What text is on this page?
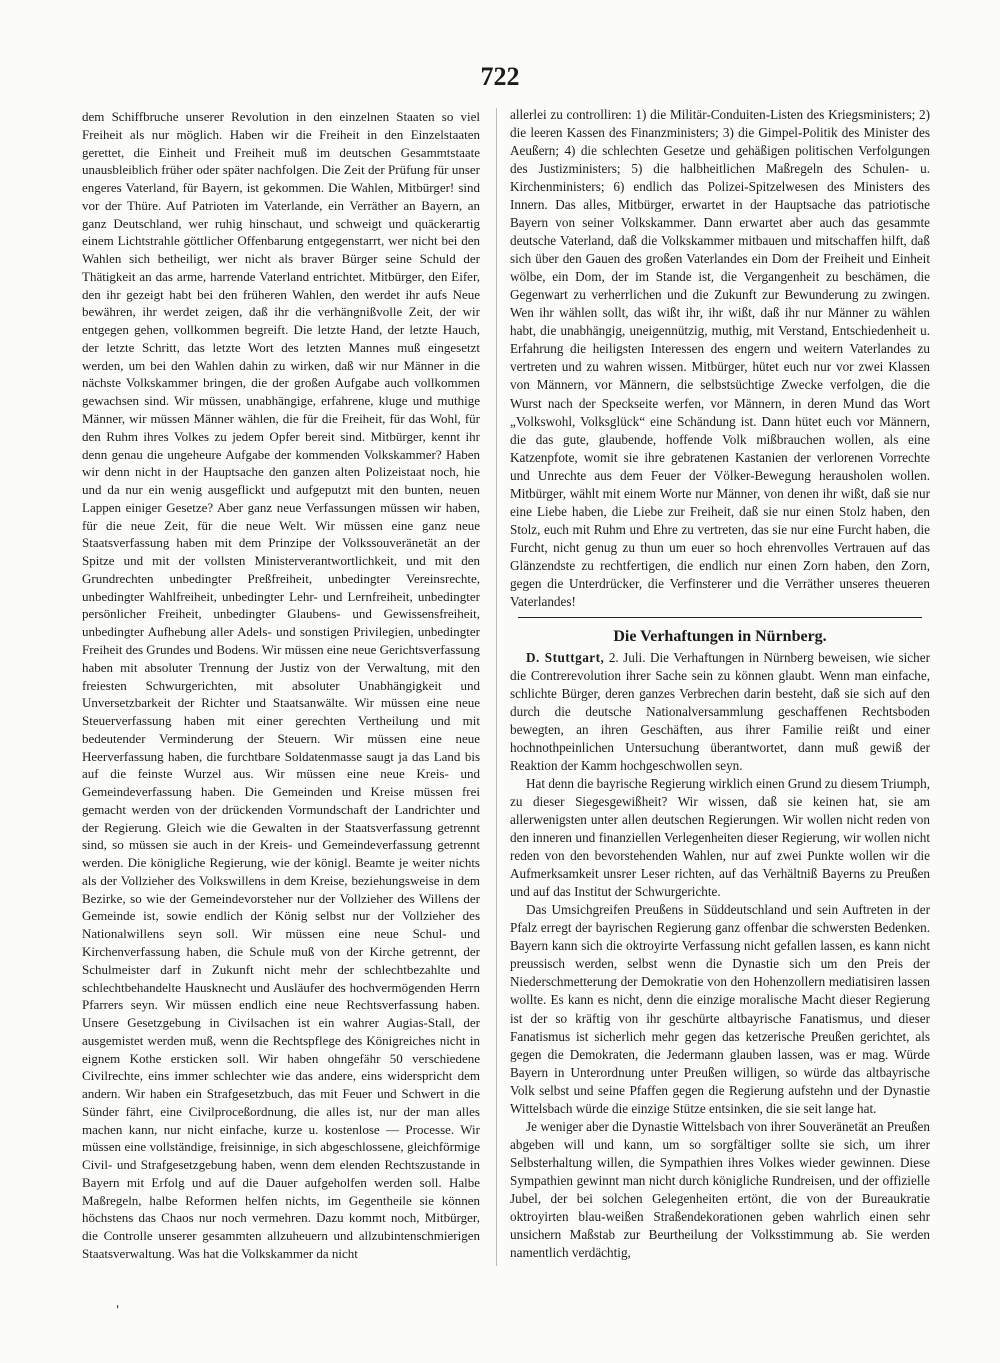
722

dem Schiffbruche unserer Revolution in den einzelnen Staaten so viel Freiheit als nur möglich. Haben wir die Freiheit in den Einzelstaaten gerettet, die Einheit und Freiheit muß im deutschen Gesammtstaate unausbleiblich früher oder später nachfolgen. Die Zeit der Prüfung für unser engeres Vaterland, für Bayern, ist gekommen. Die Wahlen, Mitbürger! sind vor der Thüre. Auf Patrioten im Vaterlande, ein Verräther an Bayern, an ganz Deutschland, wer ruhig hinschaut, und schweigt und quäckerartig einem Lichtstrahle göttlicher Offenbarung entgegenstarrt, wer nicht bei den Wahlen sich betheiligt, wer nicht als braver Bürger seine Schuld der Thätigkeit an das arme, harrende Vaterland entrichtet. Mitbürger, den Eifer, den ihr gezeigt habt bei den früheren Wahlen, den werdet ihr aufs Neue bewähren, ihr werdet zeigen, daß ihr die verhängnißvolle Zeit, der wir entgegen gehen, vollkommen begreift. Die letzte Hand, der letzte Hauch, der letzte Schritt, das letzte Wort des letzten Mannes muß eingesetzt werden, um bei den Wahlen dahin zu wirken, daß wir nur Männer in die nächste Volkskammer bringen, die der großen Aufgabe auch vollkommen gewachsen sind. Wir müssen, unabhängige, erfahrene, kluge und muthige Männer, wir müssen Männer wählen, die für die Freiheit, für das Wohl, für den Ruhm ihres Volkes zu jedem Opfer bereit sind. Mitbürger, kennt ihr denn genau die ungeheure Aufgabe der kommenden Volkskammer? Haben wir denn nicht in der Hauptsache den ganzen alten Polizeistaat noch, hie und da nur ein wenig ausgeflickt und aufgeputzt mit den bunten, neuen Lappen einiger Gesetze? Aber ganz neue Verfassungen müssen wir haben, für die neue Zeit, für die neue Welt. Wir müssen eine ganz neue Staatsverfassung haben mit dem Prinzipe der Volkssouveränetät an der Spitze und mit der vollsten Ministerverantwortlichkeit, und mit den Grundrechten unbedingter Preßfreiheit, unbedingter Vereinsrechte, unbedingter Wahlfreiheit, unbedingter Lehr- und Lernfreiheit, unbedingter persönlicher Freiheit, unbedingter Glaubens- und Gewissensfreiheit, unbedingter Aufhebung aller Adels- und sonstigen Privilegien, unbedingter Freiheit des Grundes und Bodens. Wir müssen eine neue Gerichtsverfassung haben mit absoluter Trennung der Justiz von der Verwaltung, mit den freiesten Schwurgerichten, mit absoluter Unabhängigkeit und Unversetzbarkeit der Richter und Staatsanwälte. Wir müssen eine neue Steuerverfassung haben mit einer gerechten Vertheilung und mit bedeutender Verminderung der Steuern. Wir müssen eine neue Heerverfassung haben, die furchtbare Soldatenmasse saugt ja das Land bis auf die feinste Wurzel aus. Wir müssen eine neue Kreis- und Gemeindeverfassung haben. Die Gemeinden und Kreise müssen frei gemacht werden von der drückenden Vormundschaft der Landrichter und der Regierung. Gleich wie die Gewalten in der Staatsverfassung getrennt sind, so müssen sie auch in der Kreis- und Gemeindeverfassung getrennt werden. Die königliche Regierung, wie der königl. Beamte je weiter nichts als der Vollzieher des Volkswillens in dem Kreise, beziehungsweise in dem Bezirke, so wie der Gemeindevorsteher nur der Vollzieher des Willens der Gemeinde ist, sowie endlich der König selbst nur der Vollzieher des Nationalwillens seyn soll. Wir müssen eine neue Schul- und Kirchenverfassung haben, die Schule muß von der Kirche getrennt, der Schulmeister darf in Zukunft nicht mehr der schlechtbezahlte und schlechtbehandelte Hausknecht und Ausläufer des hochvermögenden Herrn Pfarrers seyn. Wir müssen endlich eine neue Rechtsverfassung haben. Unsere Gesetzgebung in Civilsachen ist ein wahrer Augias-Stall, der ausgemistet werden muß, wenn die Rechtspflege des Königreiches nicht in eignem Kothe ersticken soll. Wir haben ohngefähr 50 verschiedene Civilrechte, eins immer schlechter wie das andere, eins widerspricht dem andern. Wir haben ein Strafgesetzbuch, das mit Feuer und Schwert in die Sünder fährt, eine Civilproceßordnung, die alles ist, nur der man alles machen kann, nur nicht einfache, kurze u. kostenlose — Processe. Wir müssen eine vollständige, freisinnige, in sich abgeschlossene, gleichförmige Civil- und Strafgesetzgebung haben, wenn dem elenden Rechtszustande in Bayern mit Erfolg und auf die Dauer aufgeholfen werden soll. Halbe Maßregeln, halbe Reformen helfen nichts, im Gegentheile sie können höchstens das Chaos nur noch vermehren. Dazu kommt noch, Mitbürger, die Controlle unserer gesammten allzuheuern und allzubintenschmierigen Staatsverwaltung. Was hat die Volkskammer da nicht

allerlei zu controlliren: 1) die Militär-Conduiten-Listen des Kriegsministers; 2) die leeren Kassen des Finanzministers; 3) die Gimpel-Politik des Minister des Aeußern; 4) die schlechten Gesetze und gehäßigen politischen Verfolgungen des Justizministers; 5) die halbheitlichen Maßregeln des Schulen- u. Kirchenministers; 6) endlich das Polizei-Spitzelwesen des Ministers des Innern. Das alles, Mitbürger, erwartet in der Hauptsache das patriotische Bayern von seiner Volkskammer. Dann erwartet aber auch das gesammte deutsche Vaterland, daß die Volkskammer mitbauen und mitschaffen hilft, daß sich über den Gauen des großen Vaterlandes ein Dom der Freiheit und Einheit wölbe, ein Dom, der im Stande ist, die Vergangenheit zu beschämen, die Gegenwart zu verherrlichen und die Zukunft zur Bewunderung zu zwingen. Wen ihr wählen sollt, das wißt ihr, ihr wißt, daß ihr nur Männer zu wählen habt, die unabhängig, uneigennützig, muthig, mit Verstand, Entschiedenheit u. Erfahrung die heiligsten Interessen des engern und weitern Vaterlandes zu vertreten und zu wahren wissen. Mitbürger, hütet euch nur vor zwei Klassen von Männern, vor Männern, die selbstsüchtige Zwecke verfolgen, die die Wurst nach der Speckseite werfen, vor Männern, in deren Mund das Wort „Volkswohl, Volksglück“ eine Schändung ist. Dann hütet euch vor Männern, die das gute, glaubende, hoffende Volk mißbrauchen wollen, als eine Katzenpfote, womit sie ihre gebratenen Kastanien der verlorenen Vorrechte und Unrechte aus dem Feuer der Völker-Bewegung herausholen wollen. Mitbürger, wählt mit einem Worte nur Männer, von denen ihr wißt, daß sie nur eine Liebe haben, die Liebe zur Freiheit, daß sie nur einen Stolz haben, den Stolz, euch mit Ruhm und Ehre zu vertreten, das sie nur eine Furcht haben, die Furcht, nicht genug zu thun um euer so hoch ehrenvolles Vertrauen auf das Glänzendste zu rechtfertigen, die endlich nur einen Zorn haben, den Zorn, gegen die Unterdrücker, die Verfinsterer und die Verräther unseres theueren Vaterlandes!

Die Verhaftungen in Nürnberg.

D. Stuttgart, 2. Juli. Die Verhaftungen in Nürnberg beweisen, wie sicher die Contrerevolution ihrer Sache sein zu können glaubt. Wenn man einfache, schlichte Bürger, deren ganzes Verbrechen darin besteht, daß sie sich auf den durch die deutsche Nationalversammlung geschaffenen Rechtsboden bewegten, an ihren Geschäften, aus ihrer Familie reißt und einer hochnothpeinlichen Untersuchung überantwortet, dann muß gewiß der Reaktion der Kamm hochgeschwollen seyn.

Hat denn die bayrische Regierung wirklich einen Grund zu diesem Triumph, zu dieser Siegesgewißheit? Wir wissen, daß sie keinen hat, sie am allerwenigsten unter allen deutschen Regierungen. Wir wollen nicht reden von den inneren und finanziellen Verlegenheiten dieser Regierung, wir wollen nicht reden von den bevorstehenden Wahlen, nur auf zwei Punkte wollen wir die Aufmerksamkeit unsrer Leser richten, auf das Verhältniß Bayerns zu Preußen und auf das Institut der Schwurgerichte.

Das Umsichgreifen Preußens in Süddeutschland und sein Auftreten in der Pfalz erregt der bayrischen Regierung ganz offenbar die schwersten Bedenken. Bayern kann sich die oktroyirte Verfassung nicht gefallen lassen, es kann nicht preussisch werden, selbst wenn die Dynastie sich um den Preis der Niederschmetterung der Demokratie von den Hohenzollern mediatisiren lassen wollte. Es kann es nicht, denn die einzige moralische Macht dieser Regierung ist der so kräftig von ihr geschürte altbayrische Fanatismus, und dieser Fanatismus ist sicherlich mehr gegen das ketzerische Preußen gerichtet, als gegen die Demokraten, die Jedermann glauben lassen, was er mag. Würde Bayern in Unterordnung unter Preußen willigen, so würde das altbayrische Volk selbst und seine Pfaffen gegen die Regierung aufstehn und der Dynastie Wittelsbach würde die einzige Stütze entsinken, die sie seit lange hat.

Je weniger aber die Dynastie Wittelsbach von ihrer Souveränetät an Preußen abgeben will und kann, um so sorgfältiger sollte sie sich, um ihrer Selbsterhaltung willen, die Sympathien ihres Volkes wieder gewinnen. Diese Sympathien gewinnt man nicht durch königliche Rundreisen, und der offizielle Jubel, der bei solchen Gelegenheiten ertönt, die von der Bureaukratie oktroyirten blau-weißen Straßendekorationen geben wahrlich einen sehr unsichern Maßstab zur Beurtheilung der Volksstimmung ab. Sie werden namentlich verdächtig,

'
